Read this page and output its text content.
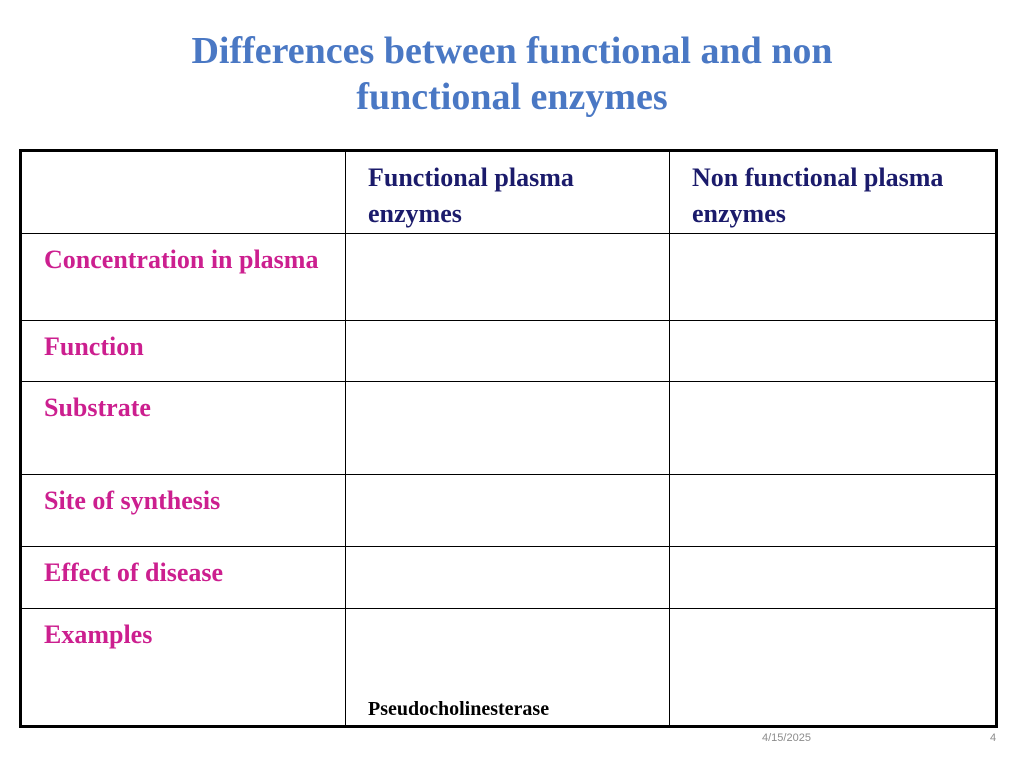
Differences between functional and non
functional enzymes
	Functional plasma enzymes	Non functional plasma enzymes
Concentration in plasma		
Function		
Substrate		
Site of synthesis		
Effect of disease		
Examples	Pseudocholinesterase	

4/15/2025	4
